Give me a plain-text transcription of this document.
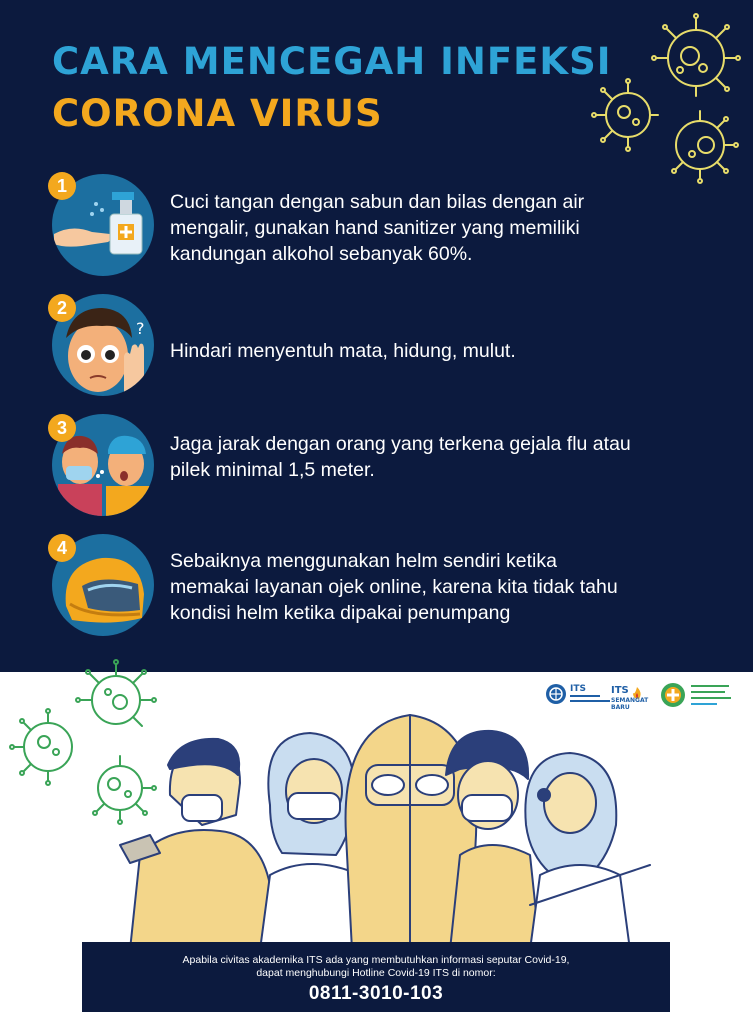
CARA MENCEGAH INFEKSI
CORONA VIRUS
1
Cuci tangan dengan sabun dan bilas dengan air
mengalir, gunakan hand sanitizer yang memiliki
kandungan alkohol sebanyak 60%.
?
2
Hindari menyentuh mata, hidung, mulut.
3
Jaga jarak dengan orang yang terkena gejala flu atau
pilek minimal 1,5 meter.
4
Sebaiknya menggunakan helm sendiri ketika
memakai layanan ojek online, karena kita tidak tahu
kondisi helm ketika dipakai penumpang
ITS	ITS
SEMANGAT
BARU
Apabila civitas akademika ITS ada yang membutuhkan informasi seputar Covid-19,
dapat menghubungi Hotline Covid-19 ITS di nomor:
0811-3010-103
